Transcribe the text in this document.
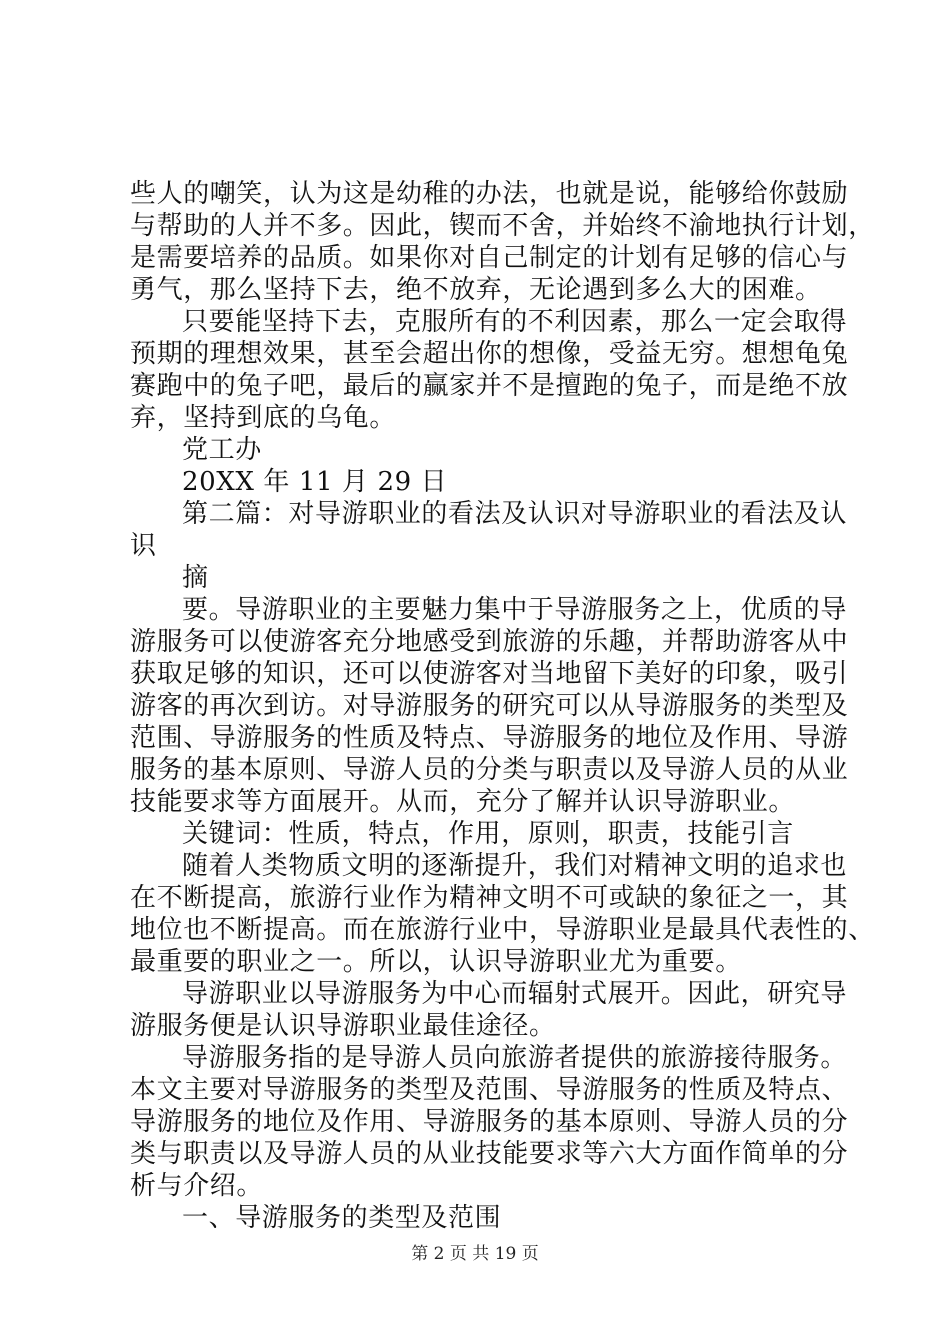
些人的嘲笑，认为这是幼稚的办法，也就是说，能够给你鼓励
与帮助的人并不多。因此，锲而不舍，并始终不渝地执行计划，
是需要培养的品质。如果你对自己制定的计划有足够的信心与
勇气，那么坚持下去，绝不放弃，无论遇到多么大的困难。
只要能坚持下去，克服所有的不利因素，那么一定会取得
预期的理想效果，甚至会超出你的想像，受益无穷。想想龟兔
赛跑中的兔子吧，最后的赢家并不是擅跑的兔子，而是绝不放
弃，坚持到底的乌龟。
党工办
20XX 年 11 月 29 日
第二篇：对导游职业的看法及认识对导游职业的看法及认
识
摘
要。导游职业的主要魅力集中于导游服务之上，优质的导
游服务可以使游客充分地感受到旅游的乐趣，并帮助游客从中
获取足够的知识，还可以使游客对当地留下美好的印象，吸引
游客的再次到访。对导游服务的研究可以从导游服务的类型及
范围、导游服务的性质及特点、导游服务的地位及作用、导游
服务的基本原则、导游人员的分类与职责以及导游人员的从业
技能要求等方面展开。从而，充分了解并认识导游职业。
关键词：性质，特点，作用，原则，职责，技能引言
随着人类物质文明的逐渐提升，我们对精神文明的追求也
在不断提高，旅游行业作为精神文明不可或缺的象征之一，其
地位也不断提高。而在旅游行业中，导游职业是最具代表性的、
最重要的职业之一。所以，认识导游职业尤为重要。
导游职业以导游服务为中心而辐射式展开。因此，研究导
游服务便是认识导游职业最佳途径。
导游服务指的是导游人员向旅游者提供的旅游接待服务。
本文主要对导游服务的类型及范围、导游服务的性质及特点、
导游服务的地位及作用、导游服务的基本原则、导游人员的分
类与职责以及导游人员的从业技能要求等六大方面作简单的分
析与介绍。
一、导游服务的类型及范围
第 2 页 共 19 页
